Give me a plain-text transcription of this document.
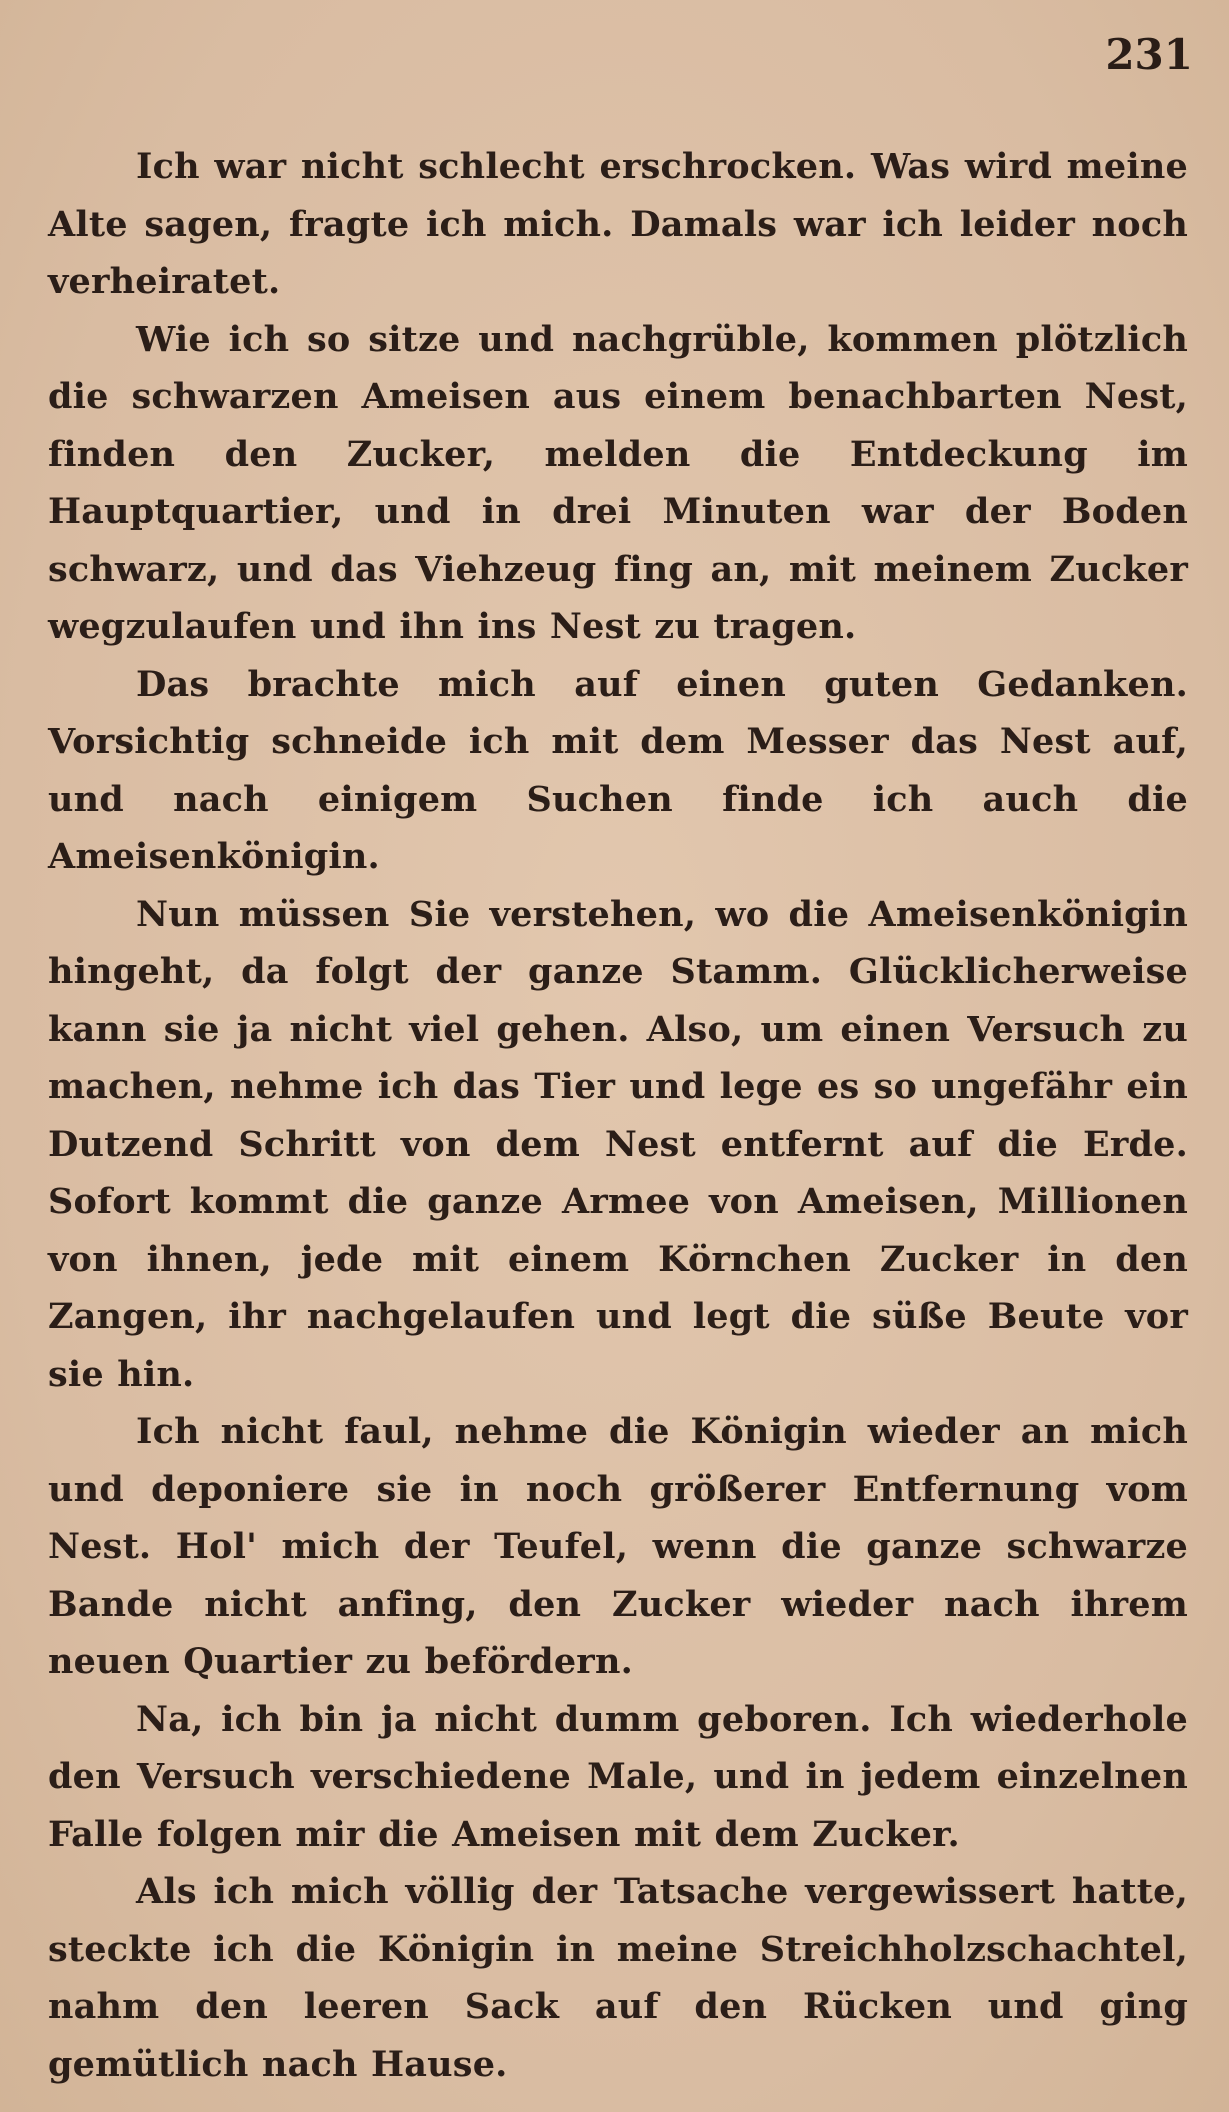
231

Ich war nicht schlecht erschrocken. Was wird meine Alte sagen, fragte ich mich. Damals war ich leider noch verheiratet.

Wie ich so sitze und nachgrüble, kommen plötzlich die schwarzen Ameisen aus einem benachbarten Nest, finden den Zucker, melden die Entdeckung im Hauptquartier, und in drei Minuten war der Boden schwarz, und das Viehzeug fing an, mit meinem Zucker wegzulaufen und ihn ins Nest zu tragen.

Das brachte mich auf einen guten Gedanken. Vorsichtig schneide ich mit dem Messer das Nest auf, und nach einigem Suchen finde ich auch die Ameisenkönigin.

Nun müssen Sie verstehen, wo die Ameisenkönigin hingeht, da folgt der ganze Stamm. Glücklicherweise kann sie ja nicht viel gehen. Also, um einen Versuch zu machen, nehme ich das Tier und lege es so ungefähr ein Dutzend Schritt von dem Nest entfernt auf die Erde. Sofort kommt die ganze Armee von Ameisen, Millionen von ihnen, jede mit einem Körnchen Zucker in den Zangen, ihr nachgelaufen und legt die süße Beute vor sie hin.

Ich nicht faul, nehme die Königin wieder an mich und deponiere sie in noch größerer Entfernung vom Nest. Hol' mich der Teufel, wenn die ganze schwarze Bande nicht anfing, den Zucker wieder nach ihrem neuen Quartier zu befördern.

Na, ich bin ja nicht dumm geboren. Ich wiederhole den Versuch verschiedene Male, und in jedem einzelnen Falle folgen mir die Ameisen mit dem Zucker.

Als ich mich völlig der Tatsache vergewissert hatte, steckte ich die Königin in meine Streichholzschachtel, nahm den leeren Sack auf den Rücken und ging gemütlich nach Hause.
